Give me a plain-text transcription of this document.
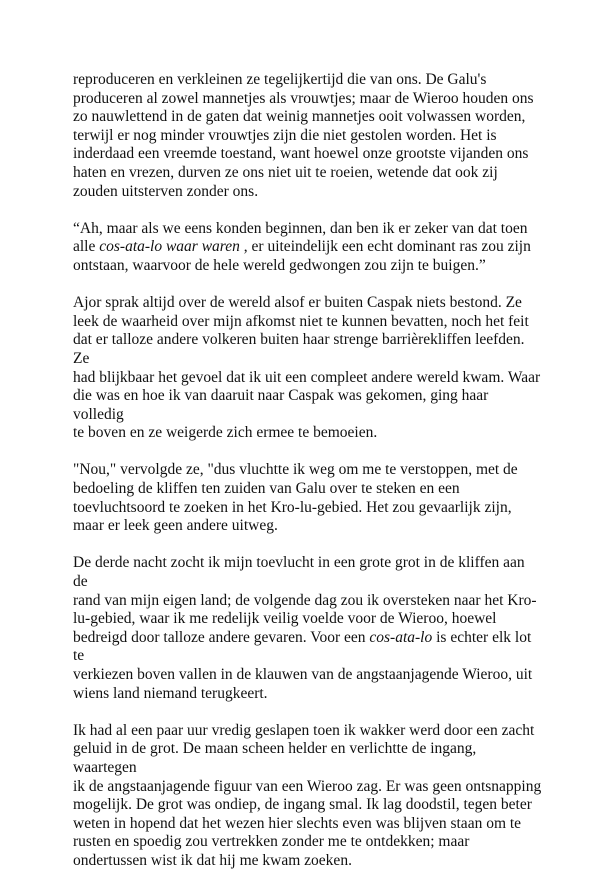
reproduceren en verkleinen ze tegelijkertijd die van ons. De Galu's
produceren al zowel mannetjes als vrouwtjes; maar de Wieroo houden ons
zo nauwlettend in de gaten dat weinig mannetjes ooit volwassen worden,
terwijl er nog minder vrouwtjes zijn die niet gestolen worden. Het is
inderdaad een vreemde toestand, want hoewel onze grootste vijanden ons
haten en vrezen, durven ze ons niet uit te roeien, wetende dat ook zij
zouden uitsterven zonder ons.

“Ah, maar als we eens konden beginnen, dan ben ik er zeker van dat toen
alle cos-ata-lo waar waren , er uiteindelijk een echt dominant ras zou zijn
ontstaan, waarvoor de hele wereld gedwongen zou zijn te buigen.”

Ajor sprak altijd over de wereld alsof er buiten Caspak niets bestond. Ze
leek de waarheid over mijn afkomst niet te kunnen bevatten, noch het feit
dat er talloze andere volkeren buiten haar strenge barrièrekliffen leefden. Ze
had blijkbaar het gevoel dat ik uit een compleet andere wereld kwam. Waar
die was en hoe ik van daaruit naar Caspak was gekomen, ging haar volledig
te boven en ze weigerde zich ermee te bemoeien.

"Nou," vervolgde ze, "dus vluchtte ik weg om me te verstoppen, met de
bedoeling de kliffen ten zuiden van Galu over te steken en een
toevluchtsoord te zoeken in het Kro-lu-gebied. Het zou gevaarlijk zijn,
maar er leek geen andere uitweg.

De derde nacht zocht ik mijn toevlucht in een grote grot in de kliffen aan de
rand van mijn eigen land; de volgende dag zou ik oversteken naar het Kro-
lu-gebied, waar ik me redelijk veilig voelde voor de Wieroo, hoewel
bedreigd door talloze andere gevaren. Voor een cos-ata-lo is echter elk lot te
verkiezen boven vallen in de klauwen van de angstaanjagende Wieroo, uit
wiens land niemand terugkeert.

Ik had al een paar uur vredig geslapen toen ik wakker werd door een zacht
geluid in de grot. De maan scheen helder en verlichtte de ingang, waartegen
ik de angstaanjagende figuur van een Wieroo zag. Er was geen ontsnapping
mogelijk. De grot was ondiep, de ingang smal. Ik lag doodstil, tegen beter
weten in hopend dat het wezen hier slechts even was blijven staan om te
rusten en spoedig zou vertrekken zonder me te ontdekken; maar
ondertussen wist ik dat hij me kwam zoeken.
